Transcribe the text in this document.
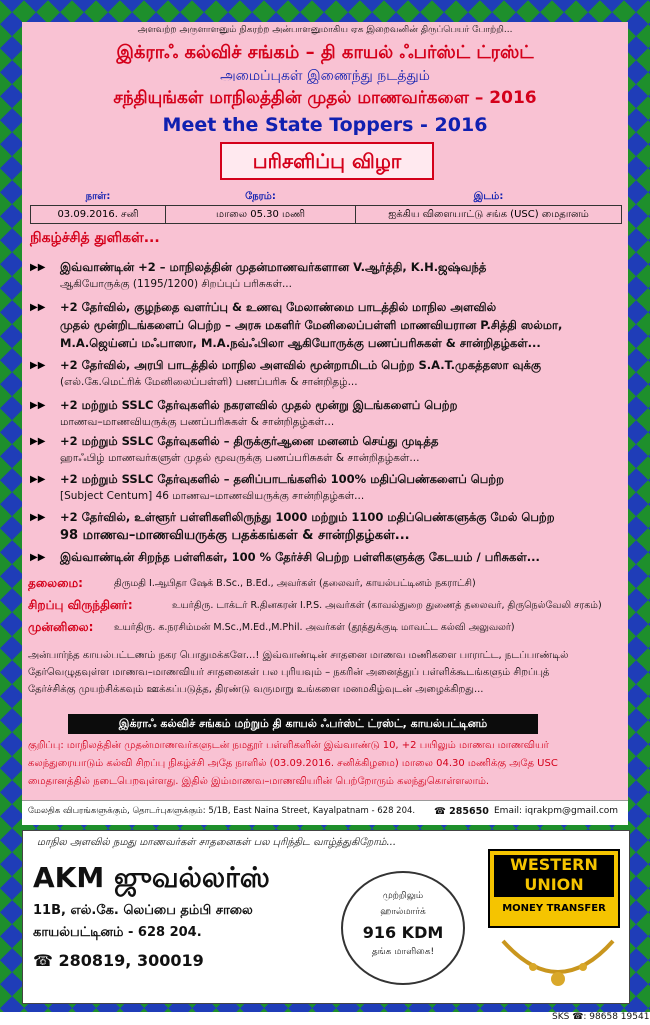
அளவற்ற அருளாளனும் நிகரற்ற அன்பாளனுமாகிய ஏக இறைவனின் திருப்பெயர் போற்றி...
இக்ரா‌ஃ கல்விச் சங்கம் – தி காயல் ஃபர்ஸ்ட் ட்ரஸ்ட்
அமைப்புகள் இணைந்து நடத்தும்
சந்தியுங்கள் மாநிலத்தின் முதல் மாணவர்களை – 2016
Meet the State Toppers - 2016
பரிசளிப்பு விழா
நாள்:	நேரம்:	இடம்:
03.09.2016. சனி	மாலை 05.30 மணி	ஐக்கிய விளையாட்டு சங்க (USC) மைதானம்
நிகழ்ச்சித் துளிகள்...
▶▶ இவ்வாண்டின் +2 – மாநிலத்தின் முதன்மாணவர்களான V.ஆர்த்தி, K.H.ஜஷ்வந்த்
ஆகியோருக்கு (1195/1200) சிறப்புப் பரிசுகள்...
▶▶ +2 தேர்வில், குழந்தை வளர்ப்பு & உணவு மேலாண்மை பாடத்தில் மாநில அளவில்
முதல் மூன்றிடங்களைப் பெற்ற – அரசு மகளிர் மேனிலைப்பள்ளி மாணவியரான P.சித்தி ஸல்மா,
M.A.ஜெய்னப் ம‌ஃபாஸா, M.A.நவ்‌ஃபிலா ஆகியோருக்கு பணப்பரிசுகள் & சான்றிதழ்கள்...
▶▶ +2 தேர்வில், அரபி பாடத்தில் மாநில அளவில் மூன்றாமிடம் பெற்ற S.A.T.முகத்தஸா வுக்கு
(எல்.கே.மெட்ரிக் மேனிலைப்பள்ளி) பணப்பரிசு & சான்றிதழ்...
▶▶ +2 மற்றும் SSLC தேர்வுகளில் நகரளவில் முதல் மூன்று இடங்களைப் பெற்ற
மாணவ–மாணவியருக்கு பணப்பரிசுகள் & சான்றிதழ்கள்...
▶▶ +2 மற்றும் SSLC தேர்வுகளில் – திருக்குர்ஆனை மனனம் செய்து முடித்த
ஹா‌ஃபிழ் மாணவர்களுள் முதல் மூவருக்கு பணப்பரிசுகள் & சான்றிதழ்கள்...
▶▶ +2 மற்றும் SSLC தேர்வுகளில் – தனிப்பாடங்களில் 100% மதிப்பெண்களைப் பெற்ற
[Subject Centum] 46 மாணவ–மாணவியருக்கு சான்றிதழ்கள்...
▶▶ +2 தேர்வில், உள்ளூர் பள்ளிகளிலிருந்து 1000 மற்றும் 1100 மதிப்பெண்களுக்கு மேல் பெற்ற
98 மாணவ–மாணவியருக்கு பதக்கங்கள் & சான்றிதழ்கள்...
▶▶ இவ்வாண்டின் சிறந்த பள்ளிகள், 100 % தேர்ச்சி பெற்ற பள்ளிகளுக்கு கேடயம் / பரிசுகள்...
தலைமை:	திருமதி I.ஆபிதா ஷேக் B.Sc., B.Ed., அவர்கள் (தலைவர், காயல்பட்டினம் நகராட்சி)
சிறப்பு விருந்தினர்:	உயர்திரு. டாக்டர் R.தினகரன் I.P.S. அவர்கள் (காவல்துறை துணைத் தலைவர், திருநெல்வேலி சரகம்)
முன்னிலை: உயர்திரு. க.நரசிம்மன் M.Sc.,M.Ed.,M.Phil. அவர்கள் (தூத்துக்குடி மாவட்ட கல்வி அலுவலர்)
அன்பார்ந்த காயல்பட்டணம் நகர பொதுமக்களே...! இவ்வாண்டின் சாதனை மாணவ மணிகளை பாராட்ட, நடப்பாண்டில்
தேர்வெழுதவுள்ள மாணவ–மாணவியர் சாதனைகள் பல புரியவும் – நகரின் அனைத்துப் பள்ளிக்கூடங்களும் சிறப்புத்
தேர்ச்சிக்கு முயற்சிக்கவும் ஊக்கப்படுத்த, திரண்டு வருமாறு உங்களை மனமகிழ்வுடன் அழைக்கிறது...
இக்ரா‌ஃ கல்விச் சங்கம் மற்றும் தி காயல் ஃபர்ஸ்ட் ட்ரஸ்ட், காயல்பட்டினம்
குறிப்பு: மாநிலத்தின் முதன்மாணவர்களுடன் நமதூர் பள்ளிகளின் இவ்வாண்டு 10, +2 பயிலும் மாணவ மாணவியர்
கலந்துரையாடும் கல்வி சிறப்பு நிகழ்ச்சி அதே நாளில் (03.09.2016. சனிக்கிழமை) மாலை 04.30 மணிக்கு அதே USC
மைதானத்தில் நடைபெறவுள்ளது. இதில் இம்மாணவ–மாணவியரின் பெற்றோரும் கலந்துகொள்ளலாம்.
மேலதிக விபரங்களுக்கும், தொடர்புகளுக்கும்: 5/1B, East Naina Street, Kayalpatnam - 628 204. ☎ 285650 Email: iqrakpm@gmail.com
மாநில அளவில் நமது மாணவர்கள் சாதனைகள் பல புரிந்திட வாழ்த்துகிறோம்...
AKM ஜுவல்லர்ஸ்
11B, எல்.கே. லெப்பை தம்பி சாலை
காயல்பட்டினம் - 628 204.
☎ 280819, 300019
முற்றிலும்
ஹால்மார்க்
916 KDM
தங்க மாளிகை!
WESTERN
UNION
MONEY TRANSFER
SKS ☎: 98658 19541
